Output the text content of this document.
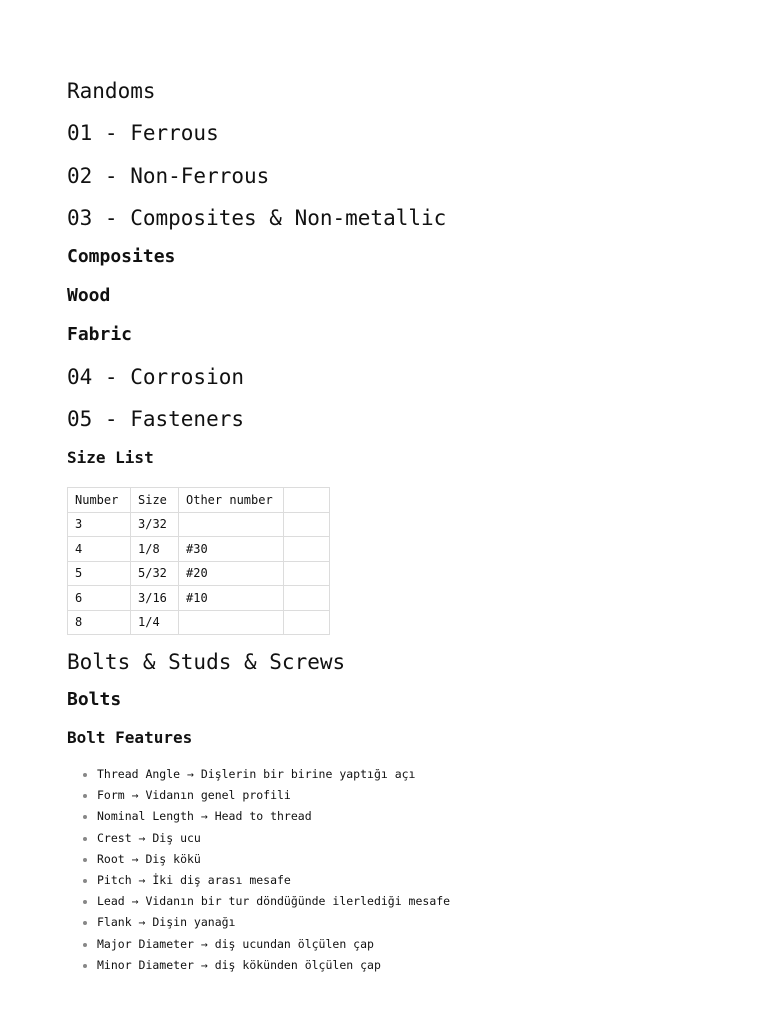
Randoms
01 - Ferrous
02 - Non-Ferrous
03 - Composites & Non-metallic
Composites
Wood
Fabric
04 - Corrosion
05 - Fasteners
Size List
Number	Size	Other number	
3	3/32		
4	1/8	#30	
5	5/32	#20	
6	3/16	#10	
8	1/4		
Bolts & Studs & Screws
Bolts
Bolt Features
Thread Angle → Dişlerin bir birine yaptığı açı
Form → Vidanın genel profili
Nominal Length → Head to thread
Crest → Diş ucu
Root → Diş kökü
Pitch → İki diş arası mesafe
Lead → Vidanın bir tur döndüğünde ilerlediği mesafe
Flank → Dişin yanağı
Major Diameter → diş ucundan ölçülen çap
Minor Diameter → diş kökünden ölçülen çap
